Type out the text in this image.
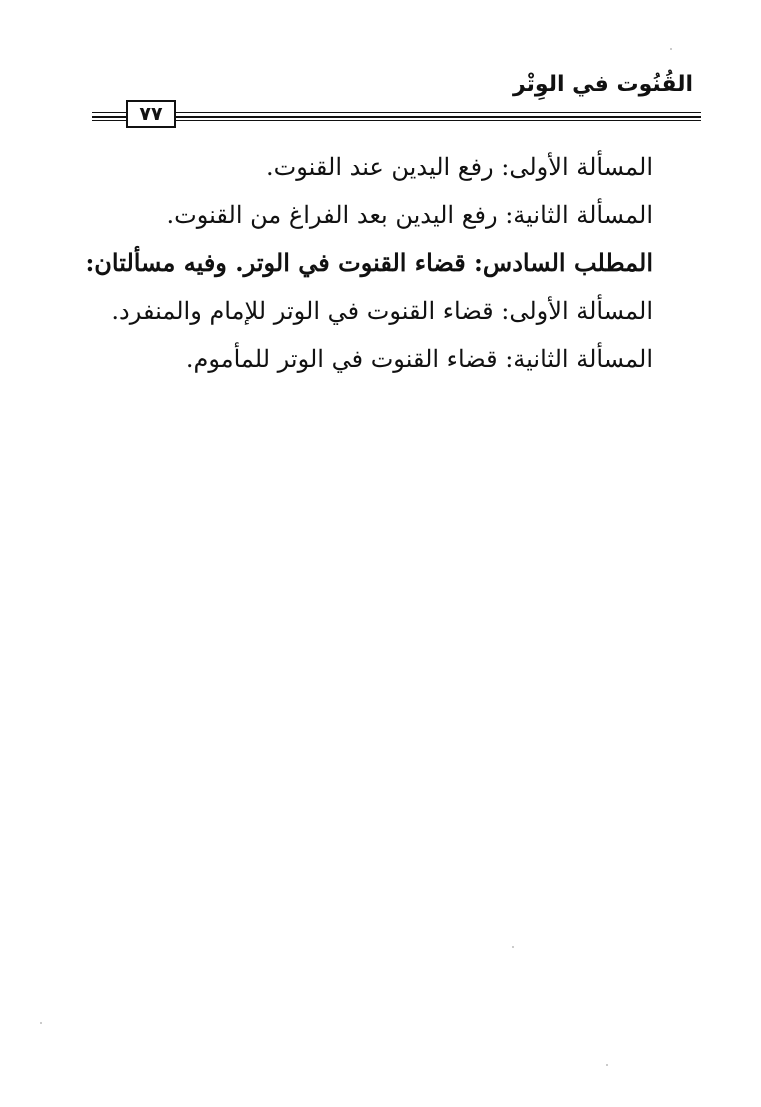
القُنُوت في الوِتْر
٧٧

المسألة الأولى: رفع اليدين عند القنوت.

المسألة الثانية: رفع اليدين بعد الفراغ من القنوت.

المطلب السادس: قضاء القنوت في الوتر. وفيه مسألتان:

المسألة الأولى: قضاء القنوت في الوتر للإمام والمنفرد.

المسألة الثانية: قضاء القنوت في الوتر للمأموم.
